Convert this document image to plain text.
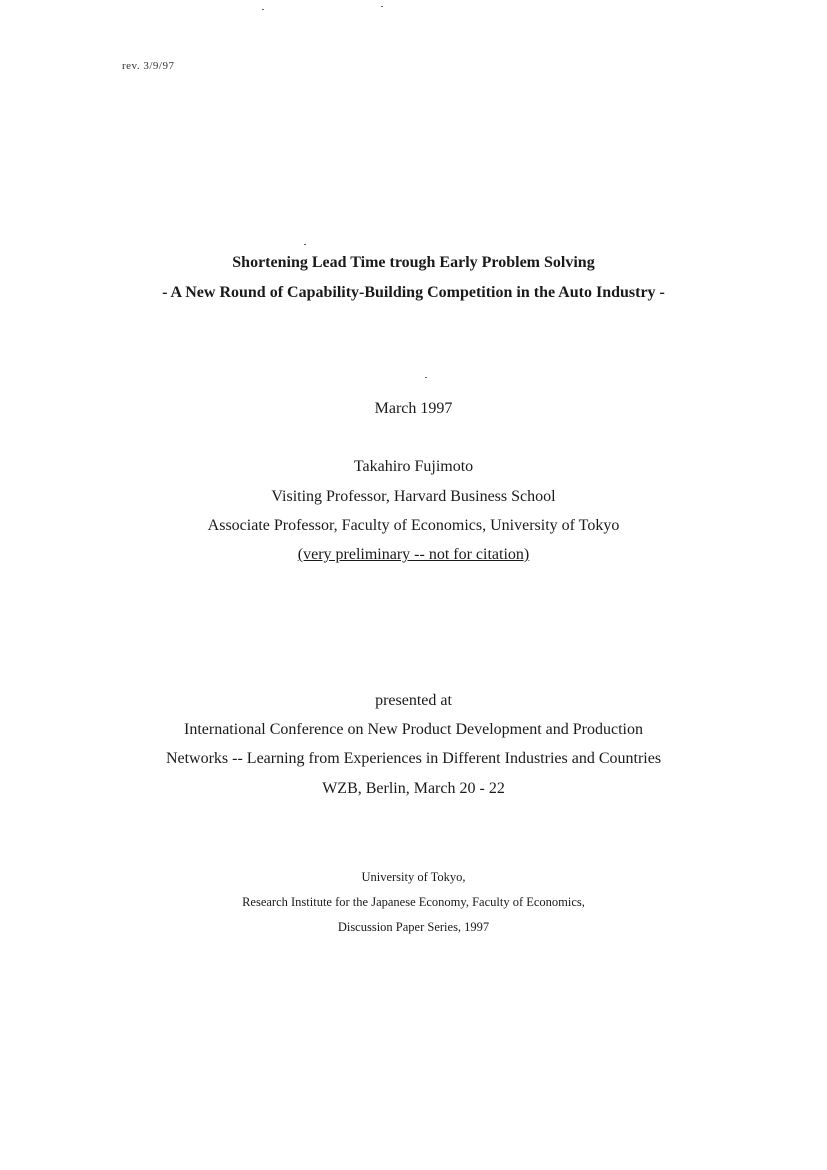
rev. 3/9/97
Shortening Lead Time trough Early Problem Solving
- A New Round of Capability-Building Competition in the Auto Industry -
March 1997
Takahiro Fujimoto
Visiting Professor, Harvard Business School
Associate Professor, Faculty of Economics, University of Tokyo
(very preliminary -- not for citation)
presented at
International Conference on New Product Development and Production
Networks -- Learning from Experiences in Different Industries and Countries
WZB, Berlin, March 20 - 22
University of Tokyo,
Research Institute for the Japanese Economy, Faculty of Economics,
Discussion Paper Series, 1997
